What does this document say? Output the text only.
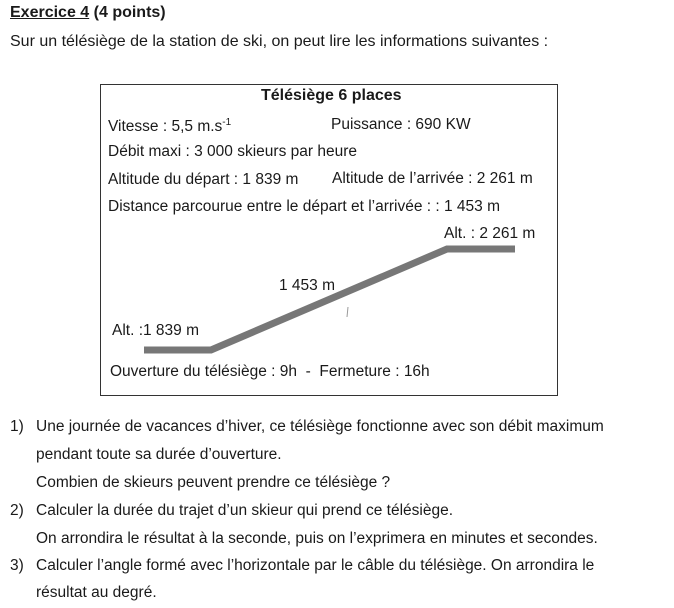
Exercice 4 (4 points)
Sur un télésiège de la station de ski, on peut lire les informations suivantes :
Télésiège 6 places
Vitesse : 5,5 $m.s^{-1}$	Puissance : 690 KW
Débit maxi : 3 000 skieurs par heure
Altitude du départ : 1 839 m Altitude de l’arrivée : 2 261 m
Distance parcourue entre le départ et l’arrivée : : 1 453 m
Alt. : 2 261 m
1 453 m
Alt. :1 839 m
Ouverture du télésiège : 9h - Fermeture : 16h
1) Une journée de vacances d’hiver, ce télésiège fonctionne avec son débit maximum
pendant toute sa durée d’ouverture.
Combien de skieurs peuvent prendre ce télésiège ?
2) Calculer la durée du trajet d’un skieur qui prend ce télésiège.
On arrondira le résultat à la seconde, puis on l’exprimera en minutes et secondes.
3) Calculer l’angle formé avec l’horizontale par le câble du télésiège. On arrondira le
résultat au degré.
